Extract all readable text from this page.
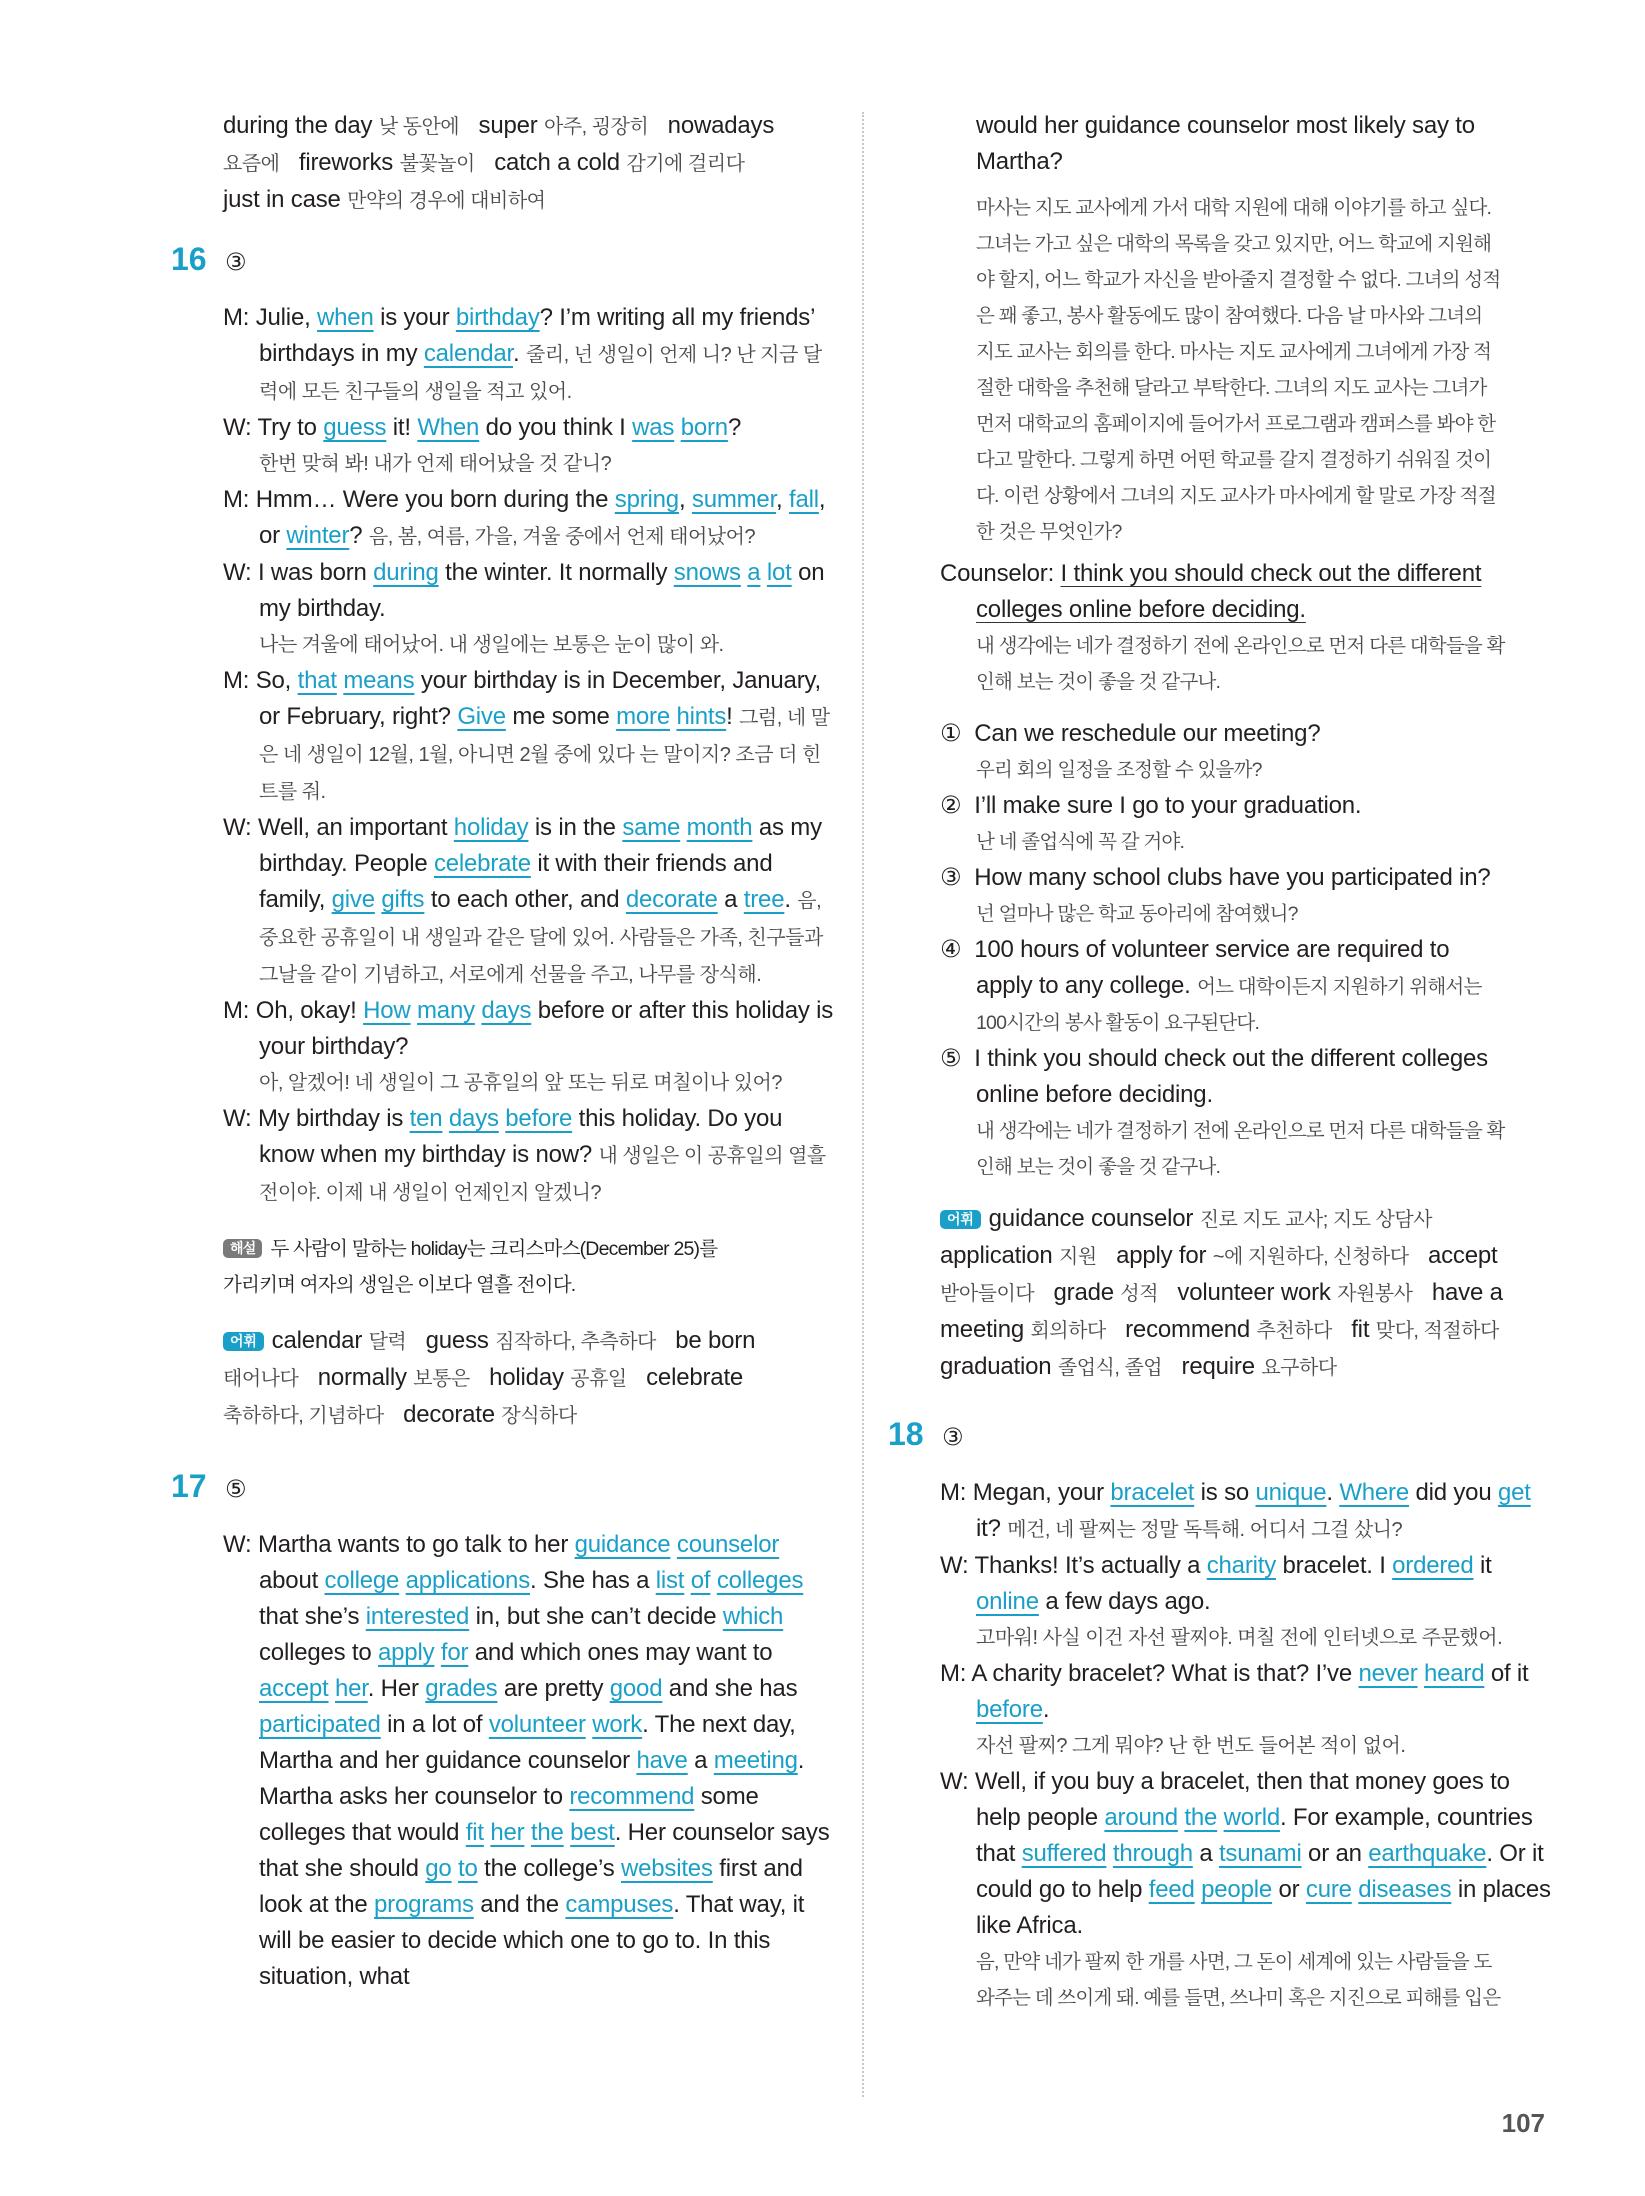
during the day 낮 동안에 super 아주, 굉장히 nowadays

요즘에 fireworks 불꽃놀이 catch a cold 감기에 걸리다

just in case 만약의 경우에 대비하여

16 ③

M: Julie, when is your birthday? I’m writing all my friends’ birthdays in my calendar. 줄리, 넌 생일이 언제 니? 난 지금 달력에 모든 친구들의 생일을 적고 있어.

W: Try to guess it! When do you think I was born?

한번 맞혀 봐! 내가 언제 태어났을 것 같니?

M: Hmm… Were you born during the spring, summer, fall, or winter? 음, 봄, 여름, 가을, 겨울 중에서 언제 태어났어?

W: I was born during the winter. It normally snows a lot on my birthday.

나는 겨울에 태어났어. 내 생일에는 보통은 눈이 많이 와.

M: So, that means your birthday is in December, January, or February, right? Give me some more hints! 그럼, 네 말은 네 생일이 12월, 1월, 아니면 2월 중에 있다 는 말이지? 조금 더 힌트를 줘.

W: Well, an important holiday is in the same month as my birthday. People celebrate it with their friends and family, give gifts to each other, and decorate a tree. 음, 중요한 공휴일이 내 생일과 같은 달에 있어. 사람들은 가족, 친구들과 그날을 같이 기념하고, 서로에게 선물을 주고, 나무를 장식해.

M: Oh, okay! How many days before or after this holiday is your birthday?

아, 알겠어! 네 생일이 그 공휴일의 앞 또는 뒤로 며칠이나 있어?

W: My birthday is ten days before this holiday. Do you know when my birthday is now? 내 생일은 이 공휴일의 열흘 전이야. 이제 내 생일이 언제인지 알겠니?

해설 두 사람이 말하는 holiday는 크리스마스(December 25)를

가리키며 여자의 생일은 이보다 열흘 전이다.

어휘 calendar 달력 guess 짐작하다, 추측하다 be born

태어나다 normally 보통은 holiday 공휴일 celebrate

축하하다, 기념하다 decorate 장식하다

17 ⑤

W: Martha wants to go talk to her guidance counselor about college applications. She has a list of colleges that she’s interested in, but she can’t decide which colleges to apply for and which ones may want to accept her. Her grades are pretty good and she has participated in a lot of volunteer work. The next day, Martha and her guidance counselor have a meeting. Martha asks her counselor to recommend some colleges that would fit her the best. Her counselor says that she should go to the college’s websites first and look at the programs and the campuses. That way, it will be easier to decide which one to go to. In this situation, what

would her guidance counselor most likely say to Martha?

마사는 지도 교사에게 가서 대학 지원에 대해 이야기를 하고 싶다.

그녀는 가고 싶은 대학의 목록을 갖고 있지만, 어느 학교에 지원해

야 할지, 어느 학교가 자신을 받아줄지 결정할 수 없다. 그녀의 성적

은 꽤 좋고, 봉사 활동에도 많이 참여했다. 다음 날 마사와 그녀의

지도 교사는 회의를 한다. 마사는 지도 교사에게 그녀에게 가장 적

절한 대학을 추천해 달라고 부탁한다. 그녀의 지도 교사는 그녀가

먼저 대학교의 홈페이지에 들어가서 프로그램과 캠퍼스를 봐야 한

다고 말한다. 그렇게 하면 어떤 학교를 갈지 결정하기 쉬워질 것이

다. 이런 상황에서 그녀의 지도 교사가 마사에게 할 말로 가장 적절

한 것은 무엇인가?

Counselor: I think you should check out the different

colleges online before deciding.

내 생각에는 네가 결정하기 전에 온라인으로 먼저 다른 대학들을 확

인해 보는 것이 좋을 것 같구나.

① Can we reschedule our meeting?

우리 회의 일정을 조정할 수 있을까?

② I’ll make sure I go to your graduation.

난 네 졸업식에 꼭 갈 거야.

③ How many school clubs have you participated in?

넌 얼마나 많은 학교 동아리에 참여했니?

④ 100 hours of volunteer service are required to

apply to any college. 어느 대학이든지 지원하기 위해서는

100시간의 봉사 활동이 요구된단다.

⑤ I think you should check out the different colleges

online before deciding.

내 생각에는 네가 결정하기 전에 온라인으로 먼저 다른 대학들을 확

인해 보는 것이 좋을 것 같구나.

어휘 guidance counselor 진로 지도 교사; 지도 상담사

application 지원 apply for ~에 지원하다, 신청하다 accept

받아들이다 grade 성적 volunteer work 자원봉사 have a

meeting 회의하다 recommend 추천하다 fit 맞다, 적절하다

graduation 졸업식, 졸업 require 요구하다

18 ③

M: Megan, your bracelet is so unique. Where did you get it? 메건, 네 팔찌는 정말 독특해. 어디서 그걸 샀니?

W: Thanks! It’s actually a charity bracelet. I ordered it online a few days ago.

고마워! 사실 이건 자선 팔찌야. 며칠 전에 인터넷으로 주문했어.

M: A charity bracelet? What is that? I’ve never heard of it before.

자선 팔찌? 그게 뭐야? 난 한 번도 들어본 적이 없어.

W: Well, if you buy a bracelet, then that money goes to help people around the world. For example, countries that suffered through a tsunami or an earthquake. Or it could go to help feed people or cure diseases in places like Africa.

음, 만약 네가 팔찌 한 개를 사면, 그 돈이 세계에 있는 사람들을 도

와주는 데 쓰이게 돼. 예를 들면, 쓰나미 혹은 지진으로 피해를 입은

107
